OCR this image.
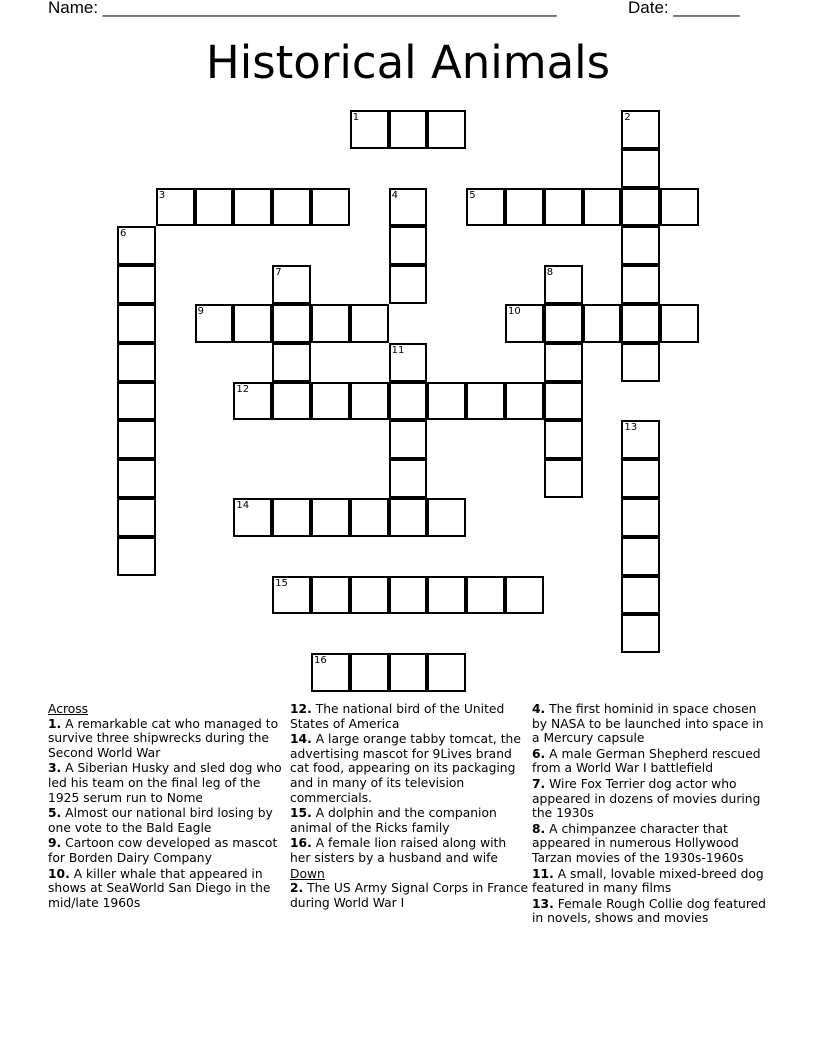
Name: ________________________________________________	Date: _______
Historical Animals
1	2
3	4	5
6
7	8
9	10
11
12
13
14
15
16
Across
1. A remarkable cat who managed to survive three shipwrecks during the Second World War
3. A Siberian Husky and sled dog who led his team on the final leg of the 1925 serum run to Nome
5. Almost our national bird losing by one vote to the Bald Eagle
9. Cartoon cow developed as mascot for Borden Dairy Company
10. A killer whale that appeared in shows at SeaWorld San Diego in the mid/late 1960s
12. The national bird of the United States of America
14. A large orange tabby tomcat, the advertising mascot for 9Lives brand cat food, appearing on its packaging and in many of its television commercials.
15. A dolphin and the companion animal of the Ricks family
16. A female lion raised along with her sisters by a husband and wife
Down
2. The US Army Signal Corps in France during World War I
4. The first hominid in space chosen by NASA to be launched into space in a Mercury capsule
6. A male German Shepherd rescued from a World War I battlefield
7. Wire Fox Terrier dog actor who appeared in dozens of movies during the 1930s
8. A chimpanzee character that appeared in numerous Hollywood Tarzan movies of the 1930s-1960s
11. A small, lovable mixed-breed dog featured in many films
13. Female Rough Collie dog featured in novels, shows and movies
